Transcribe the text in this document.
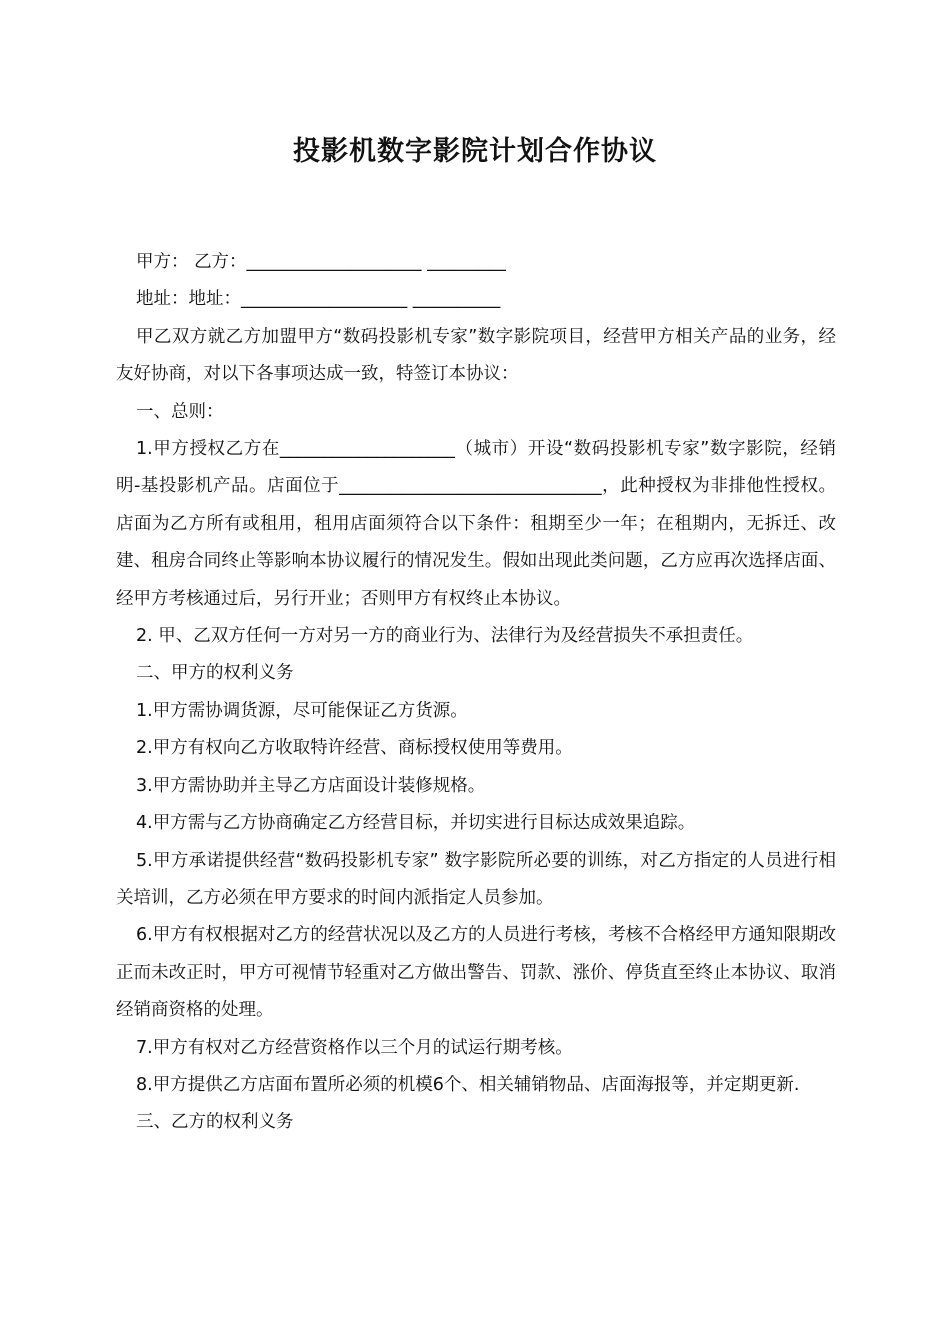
投影机数字影院计划合作协议

甲方： 乙方：____________________ _________

地址：地址：___________________ __________

甲乙双方就乙方加盟甲方“数码投影机专家”数字影院项目，经营甲方相关产品的业务，经友好协商，对以下各事项达成一致，特签订本协议：

一、总则：

1.甲方授权乙方在____________________（城市）开设“数码投影机专家”数字影院，经销明-基投影机产品。店面位于______________________________，此种授权为非排他性授权。店面为乙方所有或租用，租用店面须符合以下条件：租期至少一年；在租期内，无拆迁、改建、租房合同终止等影响本协议履行的情况发生。假如出现此类问题，乙方应再次选择店面、经甲方考核通过后，另行开业；否则甲方有权终止本协议。

2. 甲、乙双方任何一方对另一方的商业行为、法律行为及经营损失不承担责任。

二、甲方的权利义务

1.甲方需协调货源，尽可能保证乙方货源。

2.甲方有权向乙方收取特许经营、商标授权使用等费用。

3.甲方需协助并主导乙方店面设计装修规格。

4.甲方需与乙方协商确定乙方经营目标，并切实进行目标达成效果追踪。

5.甲方承诺提供经营“数码投影机专家” 数字影院所必要的训练，对乙方指定的人员进行相关培训，乙方必须在甲方要求的时间内派指定人员参加。

6.甲方有权根据对乙方的经营状况以及乙方的人员进行考核，考核不合格经甲方通知限期改正而未改正时，甲方可视情节轻重对乙方做出警告、罚款、涨价、停货直至终止本协议、取消经销商资格的处理。

7.甲方有权对乙方经营资格作以三个月的试运行期考核。

8.甲方提供乙方店面布置所必须的机模6个、相关辅销物品、店面海报等，并定期更新.

三、乙方的权利义务
